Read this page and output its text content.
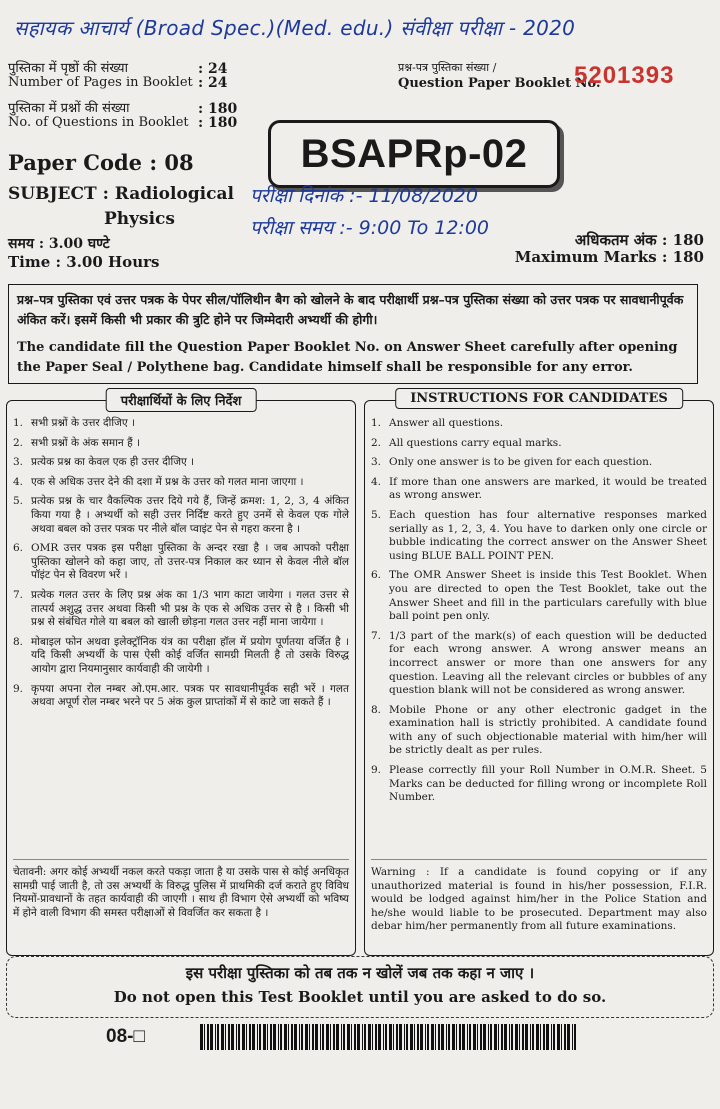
सहायक आचार्य (Broad Spec.)(Med. edu.) संवीक्षा परीक्षा - 2020
पुस्तिका में पृष्ठों की संख्या	: 24
Number of Pages in Booklet : 24
पुस्तिका में प्रश्नों की संख्या	: 180
No. of Questions in Booklet : 180
प्रश्न-पत्र पुस्तिका संख्या /
Question Paper Booklet No.
5201393
BSAPRp-02
Paper Code : 08
SUBJECT : Radiological
Physics
परीक्षा दिनांक :- 11/08/2020
परीक्षा समय :- 9:00 To 12:00
समय : 3.00 घण्टे
Time : 3.00 Hours
अधिकतम अंक : 180
Maximum Marks : 180
प्रश्न–पत्र पुस्तिका एवं उत्तर पत्रक के पेपर सील/पॉलिथीन बैग को खोलने के बाद परीक्षार्थी प्रश्न–पत्र पुस्तिका संख्या को उत्तर पत्रक पर सावधानीपूर्वक अंकित करें। इसमें किसी भी प्रकार की त्रुटि होने पर जिम्मेदारी अभ्यर्थी की होगी।
The candidate fill the Question Paper Booklet No. on Answer Sheet carefully after opening the Paper Seal / Polythene bag. Candidate himself shall be responsible for any error.
परीक्षार्थियों के लिए निर्देश
1. सभी प्रश्नों के उत्तर दीजिए ।
2. सभी प्रश्नों के अंक समान हैं ।
3. प्रत्येक प्रश्न का केवल एक ही उत्तर दीजिए ।
4. एक से अधिक उत्तर देने की दशा में प्रश्न के उत्तर को गलत माना जाएगा ।
5. प्रत्येक प्रश्न के चार वैकल्पिक उत्तर दिये गये हैं, जिन्हें क्रमश: 1, 2, 3, 4 अंकित किया गया है । अभ्यर्थी को सही उत्तर निर्दिष्ट करते हुए उनमें से केवल एक गोले अथवा बबल को उत्तर पत्रक पर नीले बॉल प्वाइंट पेन से गहरा करना है ।
6. OMR उत्तर पत्रक इस परीक्षा पुस्तिका के अन्दर रखा है । जब आपको परीक्षा पुस्तिका खोलने को कहा जाए, तो उत्तर-पत्र निकाल कर ध्यान से केवल नीले बॉल पॉइंट पेन से विवरण भरें ।
7. प्रत्येक गलत उत्तर के लिए प्रश्न अंक का 1/3 भाग काटा जायेगा । गलत उत्तर से तात्पर्य अशुद्ध उत्तर अथवा किसी भी प्रश्न के एक से अधिक उत्तर से है । किसी भी प्रश्न से संबंधित गोले या बबल को खाली छोड़ना गलत उत्तर नहीं माना जायेगा ।
8. मोबाइल फोन अथवा इलेक्ट्रॉनिक यंत्र का परीक्षा हॉल में प्रयोग पूर्णतया वर्जित है । यदि किसी अभ्यर्थी के पास ऐसी कोई वर्जित सामग्री मिलती है तो उसके विरुद्ध आयोग द्वारा नियमानुसार कार्यवाही की जायेगी ।
9. कृपया अपना रोल नम्बर ओ.एम.आर. पत्रक पर सावधानीपूर्वक सही भरें । गलत अथवा अपूर्ण रोल नम्बर भरने पर 5 अंक कुल प्राप्तांकों में से काटे जा सकते हैं ।
चेतावनी: अगर कोई अभ्यर्थी नकल करते पकड़ा जाता है या उसके पास से कोई अनधिकृत सामग्री पाई जाती है, तो उस अभ्यर्थी के विरुद्ध पुलिस में प्राथमिकी दर्ज कराते हुए विविध नियमों-प्रावधानों के तहत कार्यवाही की जाएगी । साथ ही विभाग ऐसे अभ्यर्थी को भविष्य में होने वाली विभाग की समस्त परीक्षाओं से विवर्जित कर सकता है ।
INSTRUCTIONS FOR CANDIDATES
1. Answer all questions.
2. All questions carry equal marks.
3. Only one answer is to be given for each question.
4. If more than one answers are marked, it would be treated as wrong answer.
5. Each question has four alternative responses marked serially as 1, 2, 3, 4. You have to darken only one circle or bubble indicating the correct answer on the Answer Sheet using BLUE BALL POINT PEN.
6. The OMR Answer Sheet is inside this Test Booklet. When you are directed to open the Test Booklet, take out the Answer Sheet and fill in the particulars carefully with blue ball point pen only.
7. 1/3 part of the mark(s) of each question will be deducted for each wrong answer. A wrong answer means an incorrect answer or more than one answers for any question. Leaving all the relevant circles or bubbles of any question blank will not be considered as wrong answer.
8. Mobile Phone or any other electronic gadget in the examination hall is strictly prohibited. A candidate found with any of such objectionable material with him/her will be strictly dealt as per rules.
9. Please correctly fill your Roll Number in O.M.R. Sheet. 5 Marks can be deducted for filling wrong or incomplete Roll Number.
Warning : If a candidate is found copying or if any unauthorized material is found in his/her possession, F.I.R. would be lodged against him/her in the Police Station and he/she would liable to be prosecuted. Department may also debar him/her permanently from all future examinations.
इस परीक्षा पुस्तिका को तब तक न खोलें जब तक कहा न जाए ।
Do not open this Test Booklet until you are asked to do so.
08-□
